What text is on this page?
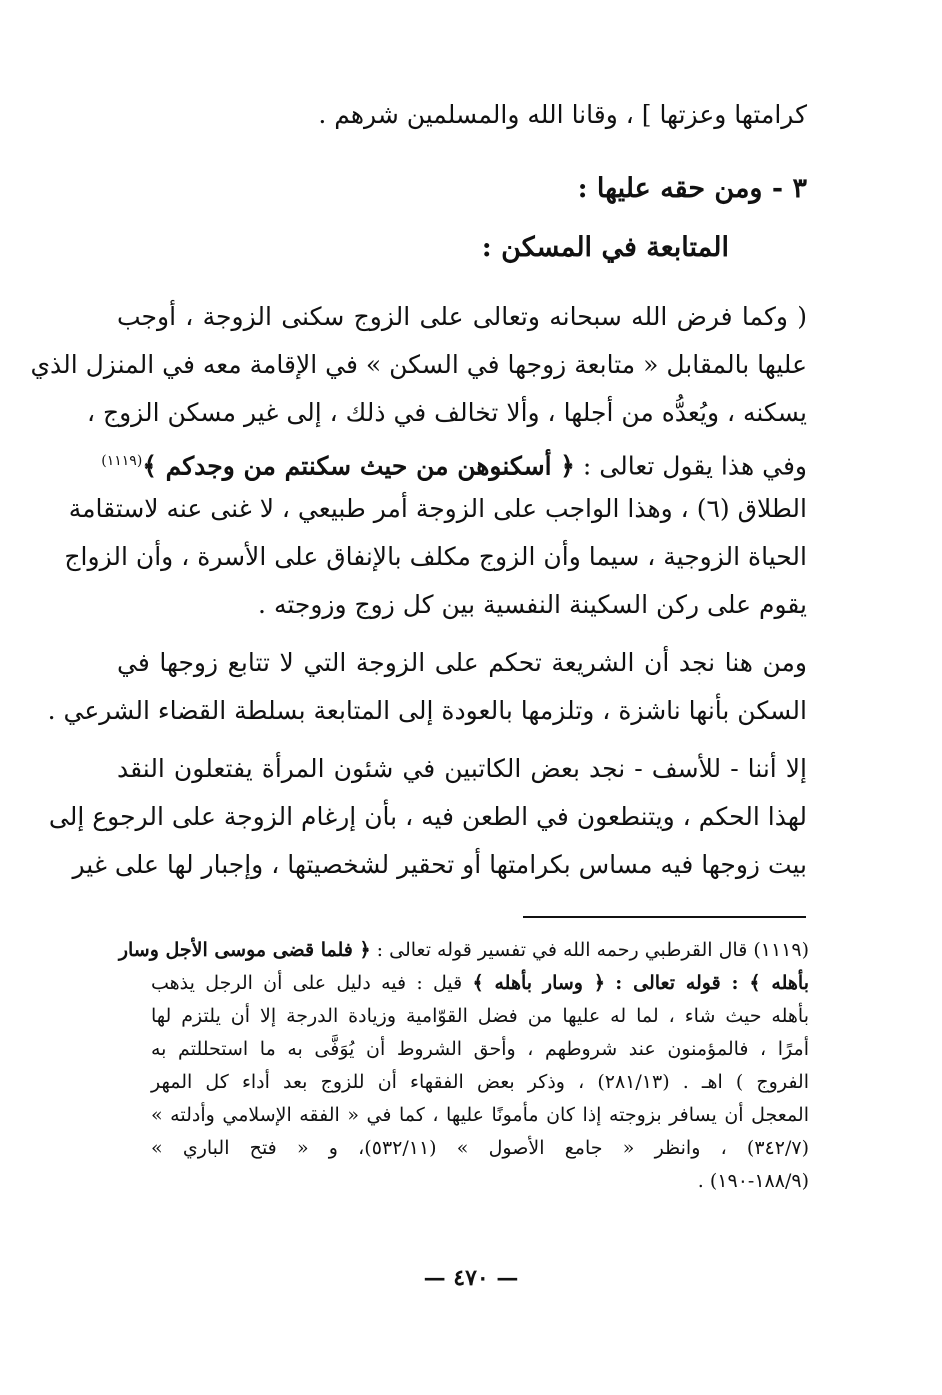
كرامتها وعزتها ] ، وقانا الله والمسلمين شرهم .
٣ - ومن حقه عليها :
المتابعة في المسكن :
( وكما فرض الله سبحانه وتعالى على الزوج سكنى الزوجة ، أوجب
عليها بالمقابل « متابعة زوجها في السكن » في الإقامة معه في المنزل الذي
يسكنه ، ويُعدُّه من أجلها ، وألا تخالف في ذلك ، إلى غير مسكن الزوج ،
وفي هذا يقول تعالى : ﴿ أسكنوهن من حيث سكنتم من وجدكم ﴾$^{(١١١٩)}$
الطلاق (٦) ، وهذا الواجب على الزوجة أمر طبيعي ، لا غنى عنه لاستقامة
الحياة الزوجية ، سيما وأن الزوج مكلف بالإنفاق على الأسرة ، وأن الزواج
يقوم على ركن السكينة النفسية بين كل زوج وزوجته .
ومن هنا نجد أن الشريعة تحكم على الزوجة التي لا تتابع زوجها في
السكن بأنها ناشزة ، وتلزمها بالعودة إلى المتابعة بسلطة القضاء الشرعي .
إلا أننا - للأسف - نجد بعض الكاتبين في شئون المرأة يفتعلون النقد
لهذا الحكم ، ويتنطعون في الطعن فيه ، بأن إرغام الزوجة على الرجوع إلى
بيت زوجها فيه مساس بكرامتها أو تحقير لشخصيتها ، وإجبار لها على غير
(١١١٩) قال القرطبي رحمه الله في تفسير قوله تعالى : ﴿ فلما قضى موسى الأجل وسار
بأهله ﴾ : قوله تعالى : ﴿ وسار بأهله ﴾ قيل : فيه دليل على أن الرجل يذهب
بأهله حيث شاء ، لما له عليها من فضل القوّامية وزيادة الدرجة إلا أن يلتزم لها
أمرًا ، فالمؤمنون عند شروطهم ، وأحق الشروط أن يُوَفَّى به ما استحللتم به
الفروج ) اهـ . (٢٨١/١٣) ، وذكر بعض الفقهاء أن للزوج بعد أداء كل المهر
المعجل أن يسافر بزوجته إذا كان مأمونًا عليها ، كما في « الفقه الإسلامي وأدلته »
(٣٤٢/٧) ، وانظر « جامع الأصول » (٥٣٢/١١)، و « فتح الباري »
(١٨٨/٩-١٩٠) .
— ٤٧٠ —
